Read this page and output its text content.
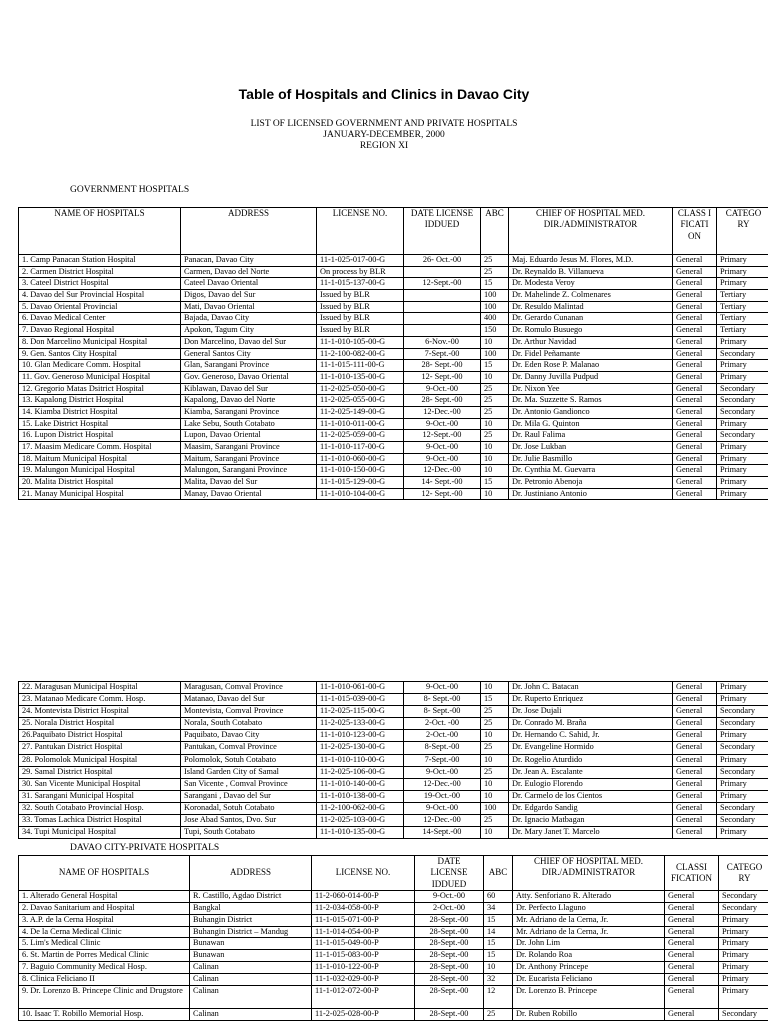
Table of Hospitals and Clinics in Davao City
LIST OF LICENSED GOVERNMENT AND PRIVATE HOSPITALS
JANUARY-DECEMBER, 2000
REGION XI
GOVERNMENT HOSPITALS
NAME OF HOSPITALS	ADDRESS	LICENSE NO.	DATE LICENSE IDDUED	ABC	CHIEF OF HOSPITAL MED. DIR./ADMINISTRATOR	CLASS I FICATI ON	CATEGO RY
1. Camp Panacan Station Hospital	Panacan, Davao City	11-1-025-017-00-G	26- Oct.-00	25	Maj. Eduardo Jesus M. Flores, M.D.	General	Primary
2. Carmen District Hospital	Carmen, Davao del Norte	On process by BLR		25	Dr. Reynaldo B. Villanueva	General	Primary
3. Cateel District Hospital	Cateel Davao Oriental	11-1-015-137-00-G	12-Sept.-00	15	Dr. Modesta Veroy	General	Primary
4. Davao del Sur Provincial Hospital	Digos, Davao del Sur	Issued by BLR		100	Dr. Mahelinde Z. Colmenares	General	Tertiary
5. Davao Oriental Provincial	Mati, Davao Oriental	Issued by BLR		100	Dr. Resuldo Malintad	General	Tertiary
6. Davao Medical Center	Bajada, Davao City	Issued by BLR		400	Dr. Gerardo Cunanan	General	Tertiary
7. Davao Regional Hospital	Apokon, Tagum City	Issued by BLR		150	Dr. Romulo Busuego	General	Tertiary
8. Don Marcelino Municipal Hospital	Don Marcelino, Davao del Sur	11-1-010-105-00-G	6-Nov.-00	10	Dr. Arthur Navidad	General	Primary
9. Gen. Santos City Hospital	General Santos City	11-2-100-082-00-G	7-Sept.-00	100	Dr. Fidel Peñamante	General	Secondary
10. Glan Medicare Comm. Hospital	Glan, Sarangani Province	11-1-015-111-00-G	28- Sept.-00	15	Dr. Eden Rose P. Malanao	General	Primary
11. Gov. Generoso Municipal Hospital	Gov. Generoso, Davao Oriental	11-1-010-135-00-G	12- Sept.-00	10	Dr. Danny Juvilla Pudpud	General	Primary
12. Gregorio Matas Dsitrict Hospital	Kiblawan, Davao del Sur	11-2-025-050-00-G	9-Oct.-00	25	Dr. Nixon Yee	General	Secondary
13. Kapalong District Hospital	Kapalong, Davao del Norte	11-2-025-055-00-G	28- Sept.-00	25	Dr. Ma. Suzzette S. Ramos	General	Secondary
14. Kiamba District Hospital	Kiamba, Sarangani Province	11-2-025-149-00-G	12-Dec.-00	25	Dr. Antonio Gandionco	General	Secondary
15. Lake District Hospital	Lake Sebu, South Cotabato	11-1-010-011-00-G	9-Oct.-00	10	Dr. Mila G. Quinton	General	Primary
16. Lupon District Hospital	Lupon, Davao Oriental	11-2-025-059-00-G	12-Sept.-00	25	Dr. Raul Falima	General	Secondary
17. Maasim Medicare Comm. Hospital	Maasim, Sarangani Province	11-1-010-117-00-G	9-Oct.-00	10	Dr. Jose Lukban	General	Primary
18. Maitum Municipal Hospital	Maitum, Sarangani Province	11-1-010-060-00-G	9-Oct.-00	10	Dr. Julie Basmillo	General	Primary
19. Malungon Municipal Hospital	Malungon, Sarangani Province	11-1-010-150-00-G	12-Dec.-00	10	Dr. Cynthia M. Guevarra	General	Primary
20. Malita District Hospital	Malita, Davao del Sur	11-1-015-129-00-G	14- Sept.-00	15	Dr. Petronio Abenoja	General	Primary
21. Manay Municipal Hospital	Manay, Davao Oriental	11-1-010-104-00-G	12- Sept.-00	10	Dr. Justiniano Antonio	General	Primary
22. Maragusan Municipal Hospital	Maragusan, Comval Province	11-1-010-061-00-G	9-Oct.-00	10	Dr. John C. Batacan	General	Primary
23. Matanao Medicare Comm. Hosp.	Matanao, Davao del Sur	11-1-015-039-00-G	8- Sept.-00	15	Dr. Ruperto Enriquez	General	Primary
24. Montevista District Hospital	Montevista, Comval Province	11-2-025-115-00-G	8- Sept.-00	25	Dr. Jose Dujali	General	Secondary
25. Norala District Hospital	Norala, South Cotabato	11-2-025-133-00-G	2-Oct. -00	25	Dr. Conrado M. Braña	General	Secondary
26.Paquibato District Hospital	Paquibato, Davao City	11-1-010-123-00-G	2-Oct.-00	10	Dr. Hernando C. Sahid, Jr.	General	Primary
27. Pantukan District Hospital	Pantukan, Comval Province	11-2-025-130-00-G	8-Sept.-00	25	Dr. Evangeline Hormido	General	Secondary
28. Polomolok Municipal Hospital	Polomolok, Sotuh Cotabato	11-1-010-110-00-G	7-Sept.-00	10	Dr. Rogelio Aturdido	General	Primary
29. Samal District Hospital	Island Garden City of Samal	11-2-025-106-00-G	9-Oct.-00	25	Dr. Jean A. Escalante	General	Secondary
30. San Vicente Municipal Hospital	San Vicente , Comval Province	11-1-010-140-00-G	12-Dec.-00	10	Dr. Eulogio Florendo	General	Primary
31. Sarangani Municipal Hospital	Sarangani , Davao del Sur	11-1-010-138-00-G	19-Oct.-00	10	Dr. Carmelo de los Cientos	General	Primary
32. South Cotabato Provincial Hosp.	Koronadal, Sotuh Cotabato	11-2-100-062-00-G	9-Oct.-00	100	Dr. Edgardo Sandig	General	Secondary
33. Tomas Lachica District Hospital	Jose Abad Santos, Dvo. Sur	11-2-025-103-00-G	12-Dec.-00	25	Dr. Ignacio Matbagan	General	Secondary
34. Tupi Municipal Hospital	Tupi, South Cotabato	11-1-010-135-00-G	14-Sept.-00	10	Dr. Mary Janet T. Marcelo	General	Primary
DAVAO CITY-PRIVATE HOSPITALS
NAME OF HOSPITALS	ADDRESS	LICENSE NO.	DATE LICENSE IDDUED	ABC	CHIEF OF HOSPITAL MED. DIR./ADMINISTRATOR	CLASSI FICATION	CATEGO RY
1. Alterado General Hospital	R. Castillo, Agdao District	11-2-060-014-00-P	9-Oct.-00	60	Atty. Senforiano R. Alterado	General	Secondary
2. Davao Sanitarium and Hospital	Bangkal	11-2-034-058-00-P	2-Oct.-00	34	Dr. Perfecto Llaguno	General	Secondary
3. A.P. de la Cerna Hospital	Buhangin District	11-1-015-071-00-P	28-Sept.-00	15	Mr. Adriano de la Cerna, Jr.	General	Primary
4. De la Cerna Medical Clinic	Buhangin District – Mandug	11-1-014-054-00-P	28-Sept.-00	14	Mr. Adriano de la Cerna, Jr.	General	Primary
5. Lim's Medical Clinic	Bunawan	11-1-015-049-00-P	28-Sept.-00	15	Dr. John Lim	General	Primary
6. St. Martin de Porres Medical Clinic	Bunawan	11-1-015-083-00-P	28-Sept.-00	15	Dr. Rolando Roa	General	Primary
7. Baguio Community Medical Hosp.	Calinan	11-1-010-122-00-P	28-Sept.-00	10	Dr. Anthony Princepe	General	Primary
8. Clinica Feliciano II	Calinan	11-1-032-029-00-P	28-Sept.-00	32	Dr. Eucarista Feliciano	General	Primary
9. Dr. Lorenzo B. Princepe Clinic and Drugstore	Calinan	11-1-012-072-00-P	28-Sept.-00	12	Dr. Lorenzo B. Princepe	General	Primary
10. Isaac T. Robillo Memorial Hosp.	Calinan	11-2-025-028-00-P	28-Sept.-00	25	Dr. Ruben Robillo	General	Secondary
